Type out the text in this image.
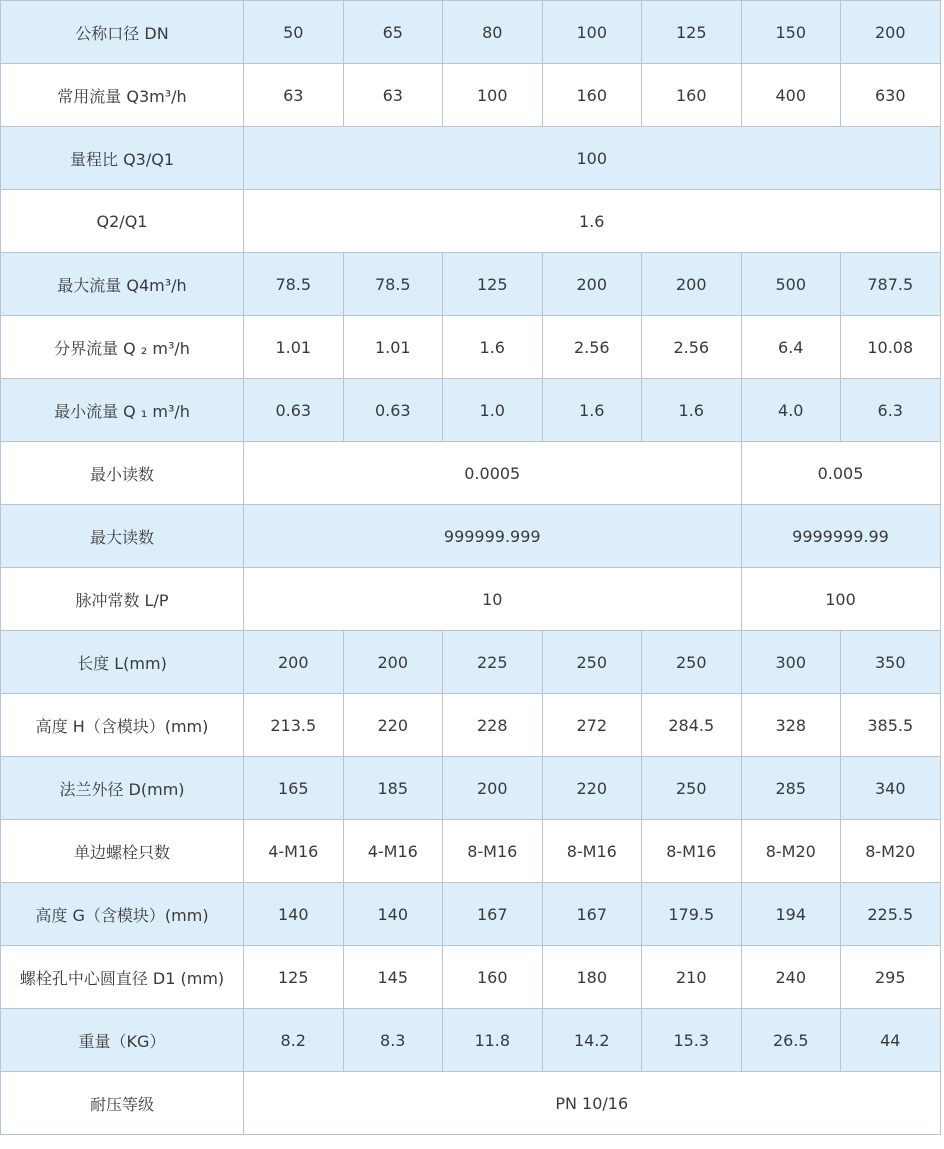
公称口径 DN	50	65	80	100	125	150	200
常用流量 Q3m³/h	63	63	100	160	160	400	630
量程比 Q3/Q1	100						
Q2/Q1	1.6						
最大流量 Q4m³/h	78.5	78.5	125	200	200	500	787.5
分界流量 Q ₂ m³/h	1.01	1.01	1.6	2.56	2.56	6.4	10.08
最小流量 Q ₁ m³/h	0.63	0.63	1.0	1.6	1.6	4.0	6.3
最小读数	0.0005					0.005	
最大读数	999999.999					9999999.99	
脉冲常数 L/P	10					100	
长度 L(mm)	200	200	225	250	250	300	350
高度 H（含模块）(mm)	213.5	220	228	272	284.5	328	385.5
法兰外径 D(mm)	165	185	200	220	250	285	340
单边螺栓只数	4-M16	4-M16	8-M16	8-M16	8-M16	8-M20	8-M20
高度 G（含模块）(mm)	140	140	167	167	179.5	194	225.5
螺栓孔中心圆直径 D1 (mm)	125	145	160	180	210	240	295
重量（KG）	8.2	8.3	11.8	14.2	15.3	26.5	44
耐压等级	PN 10/16						
